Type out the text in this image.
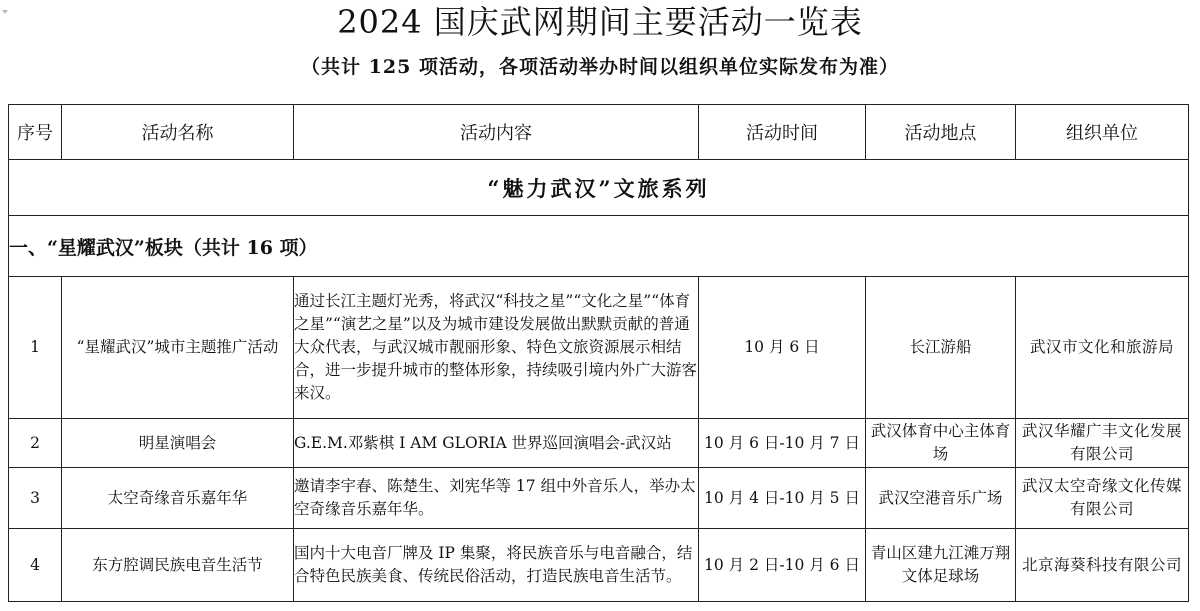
2024 国庆武网期间主要活动一览表
（共计 125 项活动，各项活动举办时间以组织单位实际发布为准）
序号	活动名称	活动内容	活动时间	活动地点	组织单位
“魅力武汉”文旅系列					
一、“星耀武汉”板块（共计 16 项）					
1	“星耀武汉”城市主题推广活动	通过长江主题灯光秀，将武汉“科技之星”“文化之星”“体育之星”“演艺之星”以及为城市建设发展做出默默贡献的普通大众代表，与武汉城市靓丽形象、特色文旅资源展示相结合，进一步提升城市的整体形象，持续吸引境内外广大游客来汉。	10 月 6 日	长江游船	武汉市文化和旅游局
2	明星演唱会	G.E.M.邓紫棋 I AM GLORIA 世界巡回演唱会-武汉站	10 月 6 日-10 月 7 日	武汉体育中心主体育场	武汉华耀广丰文化发展有限公司
3	太空奇缘音乐嘉年华	邀请李宇春、陈楚生、刘宪华等 17 组中外音乐人，举办太空奇缘音乐嘉年华。	10 月 4 日-10 月 5 日	武汉空港音乐广场	武汉太空奇缘文化传媒有限公司
4	东方腔调民族电音生活节	国内十大电音厂牌及 IP 集聚，将民族音乐与电音融合，结合特色民族美食、传统民俗活动，打造民族电音生活节。	10 月 2 日-10 月 6 日	青山区建九江滩万翔文体足球场	北京海葵科技有限公司
